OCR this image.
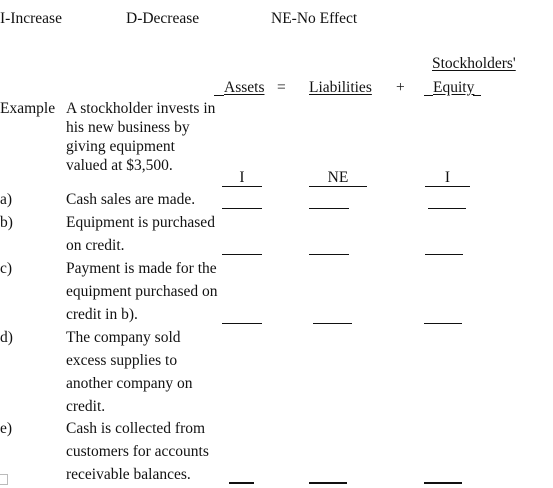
I-Increase	D-Decrease	NE-No Effect
Stockholders'
Assets = Liabilities + Equity
Example A stockholder invests in
his new business by
giving equipment
valued at $3,500.
I	NE	I
a)	Cash sales are made.
b)	Equipment is purchased
on credit.
c)	Payment is made for the
equipment purchased on
credit in b).
d)	The company sold
excess supplies to
another company on
credit.
e)	Cash is collected from
customers for accounts
receivable balances.
